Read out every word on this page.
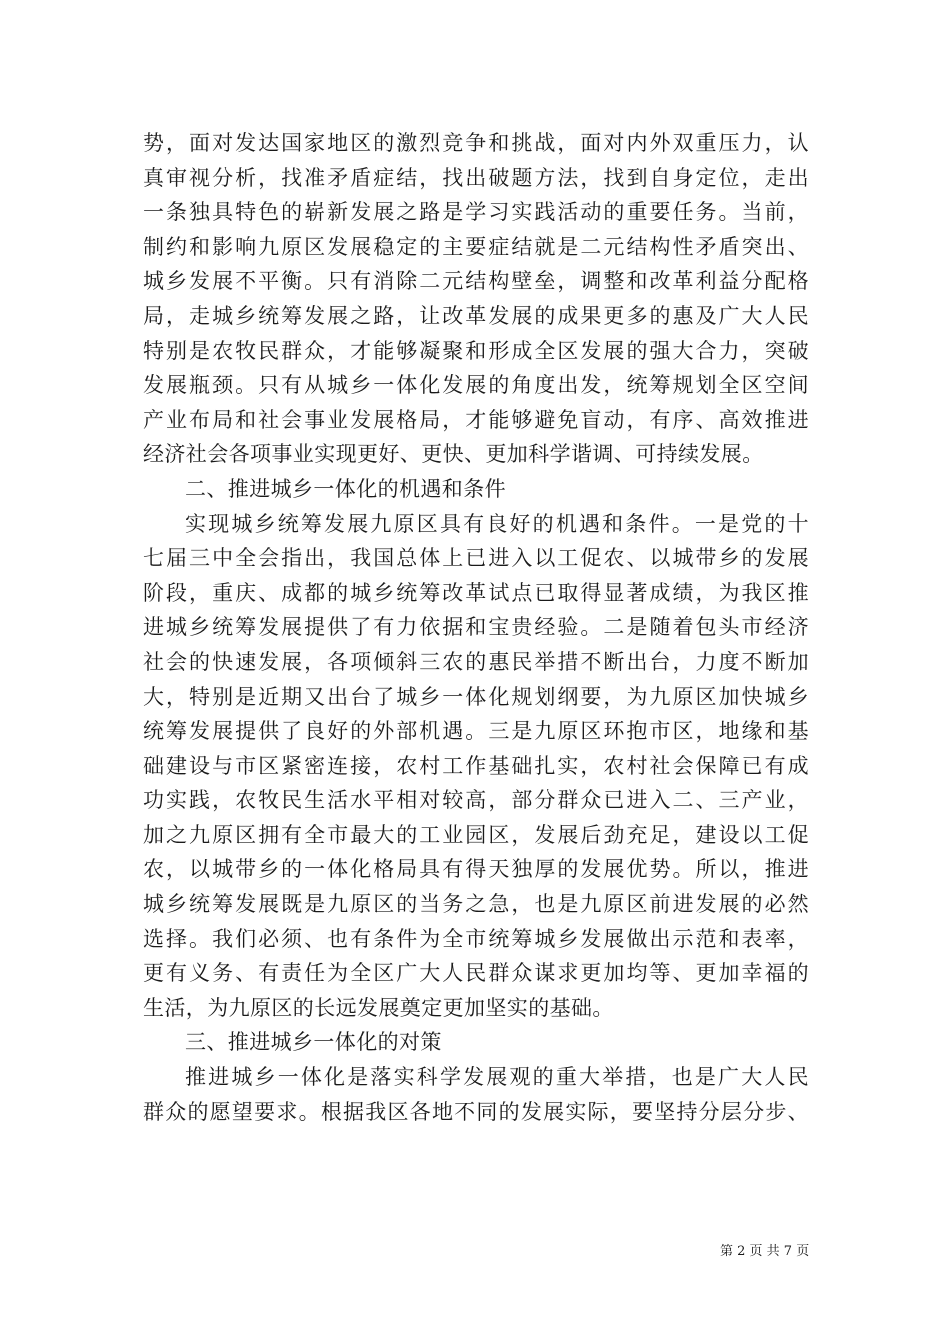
势，面对发达国家地区的激烈竞争和挑战，面对内外双重压力，认
真审视分析，找准矛盾症结，找出破题方法，找到自身定位，走出
一条独具特色的崭新发展之路是学习实践活动的重要任务。当前，
制约和影响九原区发展稳定的主要症结就是二元结构性矛盾突出、
城乡发展不平衡。只有消除二元结构壁垒，调整和改革利益分配格
局，走城乡统筹发展之路，让改革发展的成果更多的惠及广大人民
特别是农牧民群众，才能够凝聚和形成全区发展的强大合力，突破
发展瓶颈。只有从城乡一体化发展的角度出发，统筹规划全区空间
产业布局和社会事业发展格局，才能够避免盲动，有序、高效推进
经济社会各项事业实现更好、更快、更加科学谐调、可持续发展。
二、推进城乡一体化的机遇和条件
实现城乡统筹发展九原区具有良好的机遇和条件。一是党的十
七届三中全会指出，我国总体上已进入以工促农、以城带乡的发展
阶段，重庆、成都的城乡统筹改革试点已取得显著成绩，为我区推
进城乡统筹发展提供了有力依据和宝贵经验。二是随着包头市经济
社会的快速发展，各项倾斜三农的惠民举措不断出台，力度不断加
大，特别是近期又出台了城乡一体化规划纲要，为九原区加快城乡
统筹发展提供了良好的外部机遇。三是九原区环抱市区，地缘和基
础建设与市区紧密连接，农村工作基础扎实，农村社会保障已有成
功实践，农牧民生活水平相对较高，部分群众已进入二、三产业，
加之九原区拥有全市最大的工业园区，发展后劲充足，建设以工促
农，以城带乡的一体化格局具有得天独厚的发展优势。所以，推进
城乡统筹发展既是九原区的当务之急，也是九原区前进发展的必然
选择。我们必须、也有条件为全市统筹城乡发展做出示范和表率，
更有义务、有责任为全区广大人民群众谋求更加均等、更加幸福的
生活，为九原区的长远发展奠定更加坚实的基础。
三、推进城乡一体化的对策
推进城乡一体化是落实科学发展观的重大举措，也是广大人民
群众的愿望要求。根据我区各地不同的发展实际，要坚持分层分步、
第 2 页 共 7 页
